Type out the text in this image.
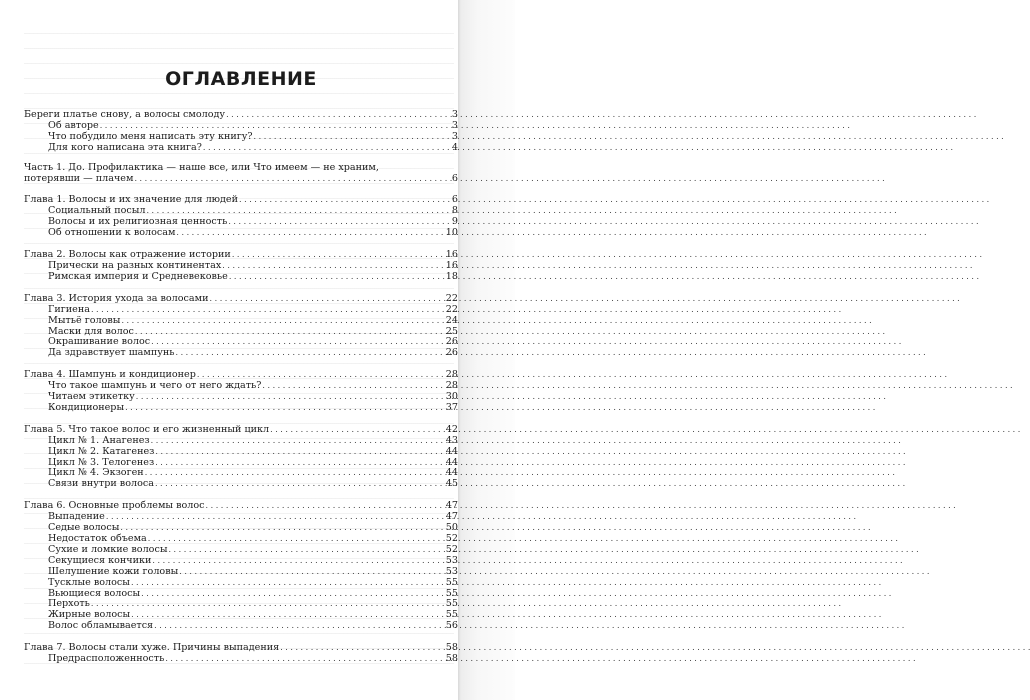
ОГЛАВЛЕНИЕ
Береги платье снову, а волосы смолоду . . .	3
Об авторе . . .	3
Что побудило меня написать эту книгу? . . .	3
Для кого написана эта книга? . . .	4
Часть 1. До. Профилактика — наше все, или Что имеем — не храним,
потерявши — плачем . . .	6
Глава 1. Волосы и их значение для людей . . .	6
Социальный посыл . . .	8
Волосы и их религиозная ценность . . .	9
Об отношении к волосам . . .	10
Глава 2. Волосы как отражение истории . . .	16
Прически на разных континентах . . .	16
Римская империя и Средневековье . . .	18
Глава 3. История ухода за волосами . . .	22
Гигиена . . .	22
Мытьё головы . . .	24
Маски для волос . . .	25
Окрашивание волос . . .	26
Да здравствует шампунь . . .	26
Глава 4. Шампунь и кондиционер . . .	28
Что такое шампунь и чего от него ждать? . . .	28
Читаем этикетку . . .	30
Кондиционеры . . .	37
Глава 5. Что такое волос и его жизненный цикл . . .	42
Цикл № 1. Анагенез . . .	43
Цикл № 2. Катагенез . . .	44
Цикл № 3. Телогенез . . .	44
Цикл № 4. Экзоген . . .	44
Связи внутри волоса . . .	45
Глава 6. Основные проблемы волос . . .	47
Выпадение . . .	47
Седые волосы . . .	50
Недостаток объема . . .	52
Сухие и ломкие волосы . . .	52
Секущиеся кончики . . .	53
Шелушение кожи головы . . .	53
Тусклые волосы . . .	55
Вьющиеся волосы . . .	55
Перхоть . . .	55
Жирные волосы . . .	55
Волос обламывается . . .	56
Глава 7. Волосы стали хуже. Причины выпадения . . .	58
Предрасположенность . . .	58
